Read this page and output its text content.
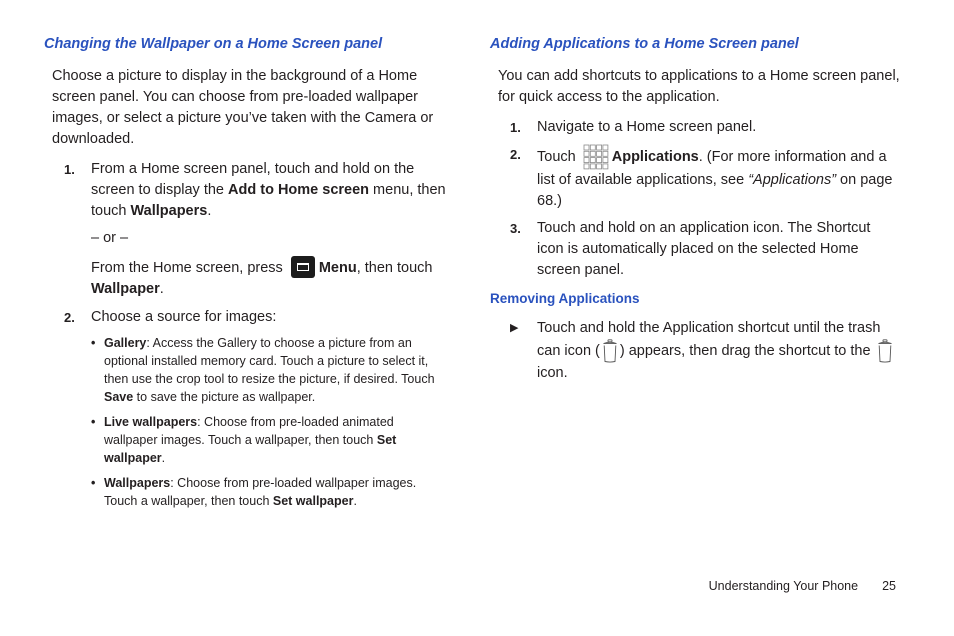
Changing the Wallpaper on a Home Screen panel
Choose a picture to display in the background of a Home screen panel. You can choose from pre-loaded wallpaper images, or select a picture you’ve taken with the Camera or downloaded.
1.	From a Home screen panel, touch and hold on the screen to display the Add to Home screen menu, then touch Wallpapers.
– or –
From the Home screen, press Menu, then touch Wallpaper.
2.	Choose a source for images:
• Gallery: Access the Gallery to choose a picture from an optional installed memory card. Touch a picture to select it, then use the crop tool to resize the picture, if desired. Touch Save to save the picture as wallpaper.
• Live wallpapers: Choose from pre-loaded animated wallpaper images. Touch a wallpaper, then touch Set wallpaper.
• Wallpapers: Choose from pre-loaded wallpaper images. Touch a wallpaper, then touch Set wallpaper.
Adding Applications to a Home Screen panel
You can add shortcuts to applications to a Home screen panel, for quick access to the application.
1.	Navigate to a Home screen panel.
2.	Touch Applications. (For more information and a list of available applications, see “Applications” on page 68.)
3.	Touch and hold on an application icon. The Shortcut icon is automatically placed on the selected Home screen panel.
Removing Applications
▶	Touch and hold the Application shortcut until the trash can icon ( ) appears, then drag the shortcut to the  icon.
Understanding Your Phone 25
